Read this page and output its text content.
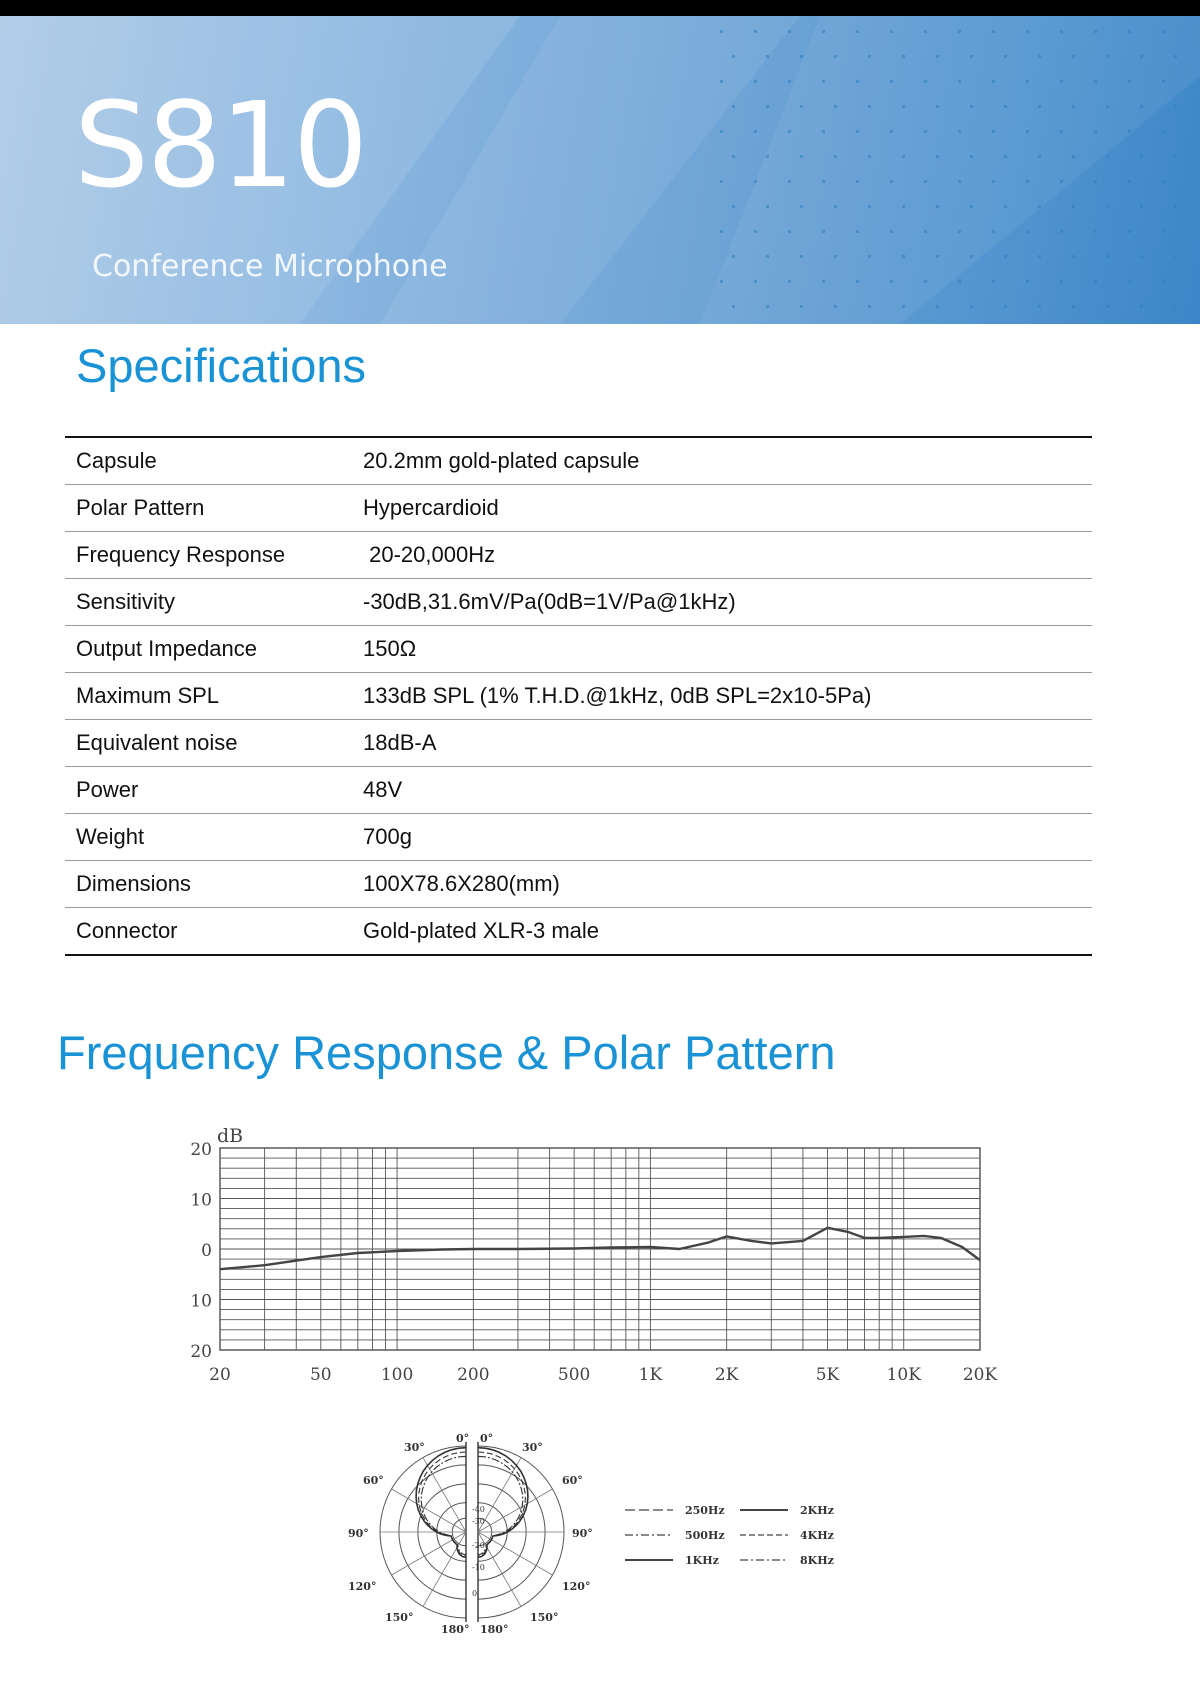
S810

Conference Microphone

Specifications
Capsule	20.2mm gold-plated capsule
Polar Pattern	Hypercardioid
Frequency Response	20-20,000Hz
Sensitivity	-30dB,31.6mV/Pa(0dB=1V/Pa@1kHz)
Output Impedance	150Ω
Maximum SPL	133dB SPL (1% T.H.D.@1kHz, 0dB SPL=2x10-5Pa)
Equivalent noise	18dB-A
Power	48V
Weight	700g
Dimensions	100X78.6X280(mm)
Connector	Gold-plated XLR-3 male
Frequency Response & Polar Pattern
20	50	100	200	500	1K	2K	5K	10K 20K
20
10
0
10
20
dB
0° 0°
30°	30°
60°	60°
90°	90°
120°	120°
150°	150°
180° 180°
-40
-30
-20
-10
0
250Hz
500Hz
1KHz
2KHz
4KHz
8KHz
